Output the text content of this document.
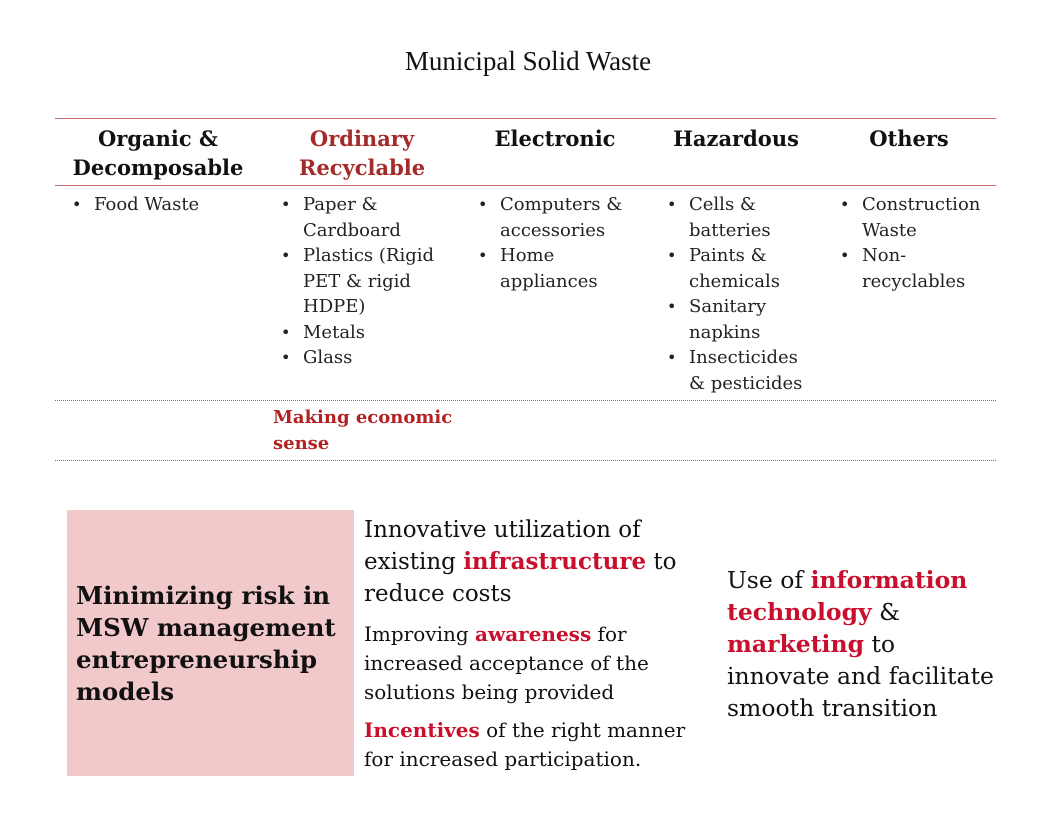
Municipal Solid Waste
Organic &
Decomposable
Ordinary
Recyclable
Electronic	Hazardous	Others
• Food Waste
•	Paper & Cardboard
• Plastics (Rigid PET & rigid HDPE)
• Metals
• Glass
• Computers & accessories
• Home appliances
• Cells & batteries
• Paints & chemicals
• Sanitary napkins
• Insecticides & pesticides
• Construction Waste
• Non-recyclables
Making economic sense
Minimizing risk in MSW management entrepreneurship models
Innovative utilization of existing infrastructure to reduce costs
Improving awareness for increased acceptance of the solutions being provided
Incentives of the right manner for increased participation.
Use of information technology & marketing to innovate and facilitate smooth transition
